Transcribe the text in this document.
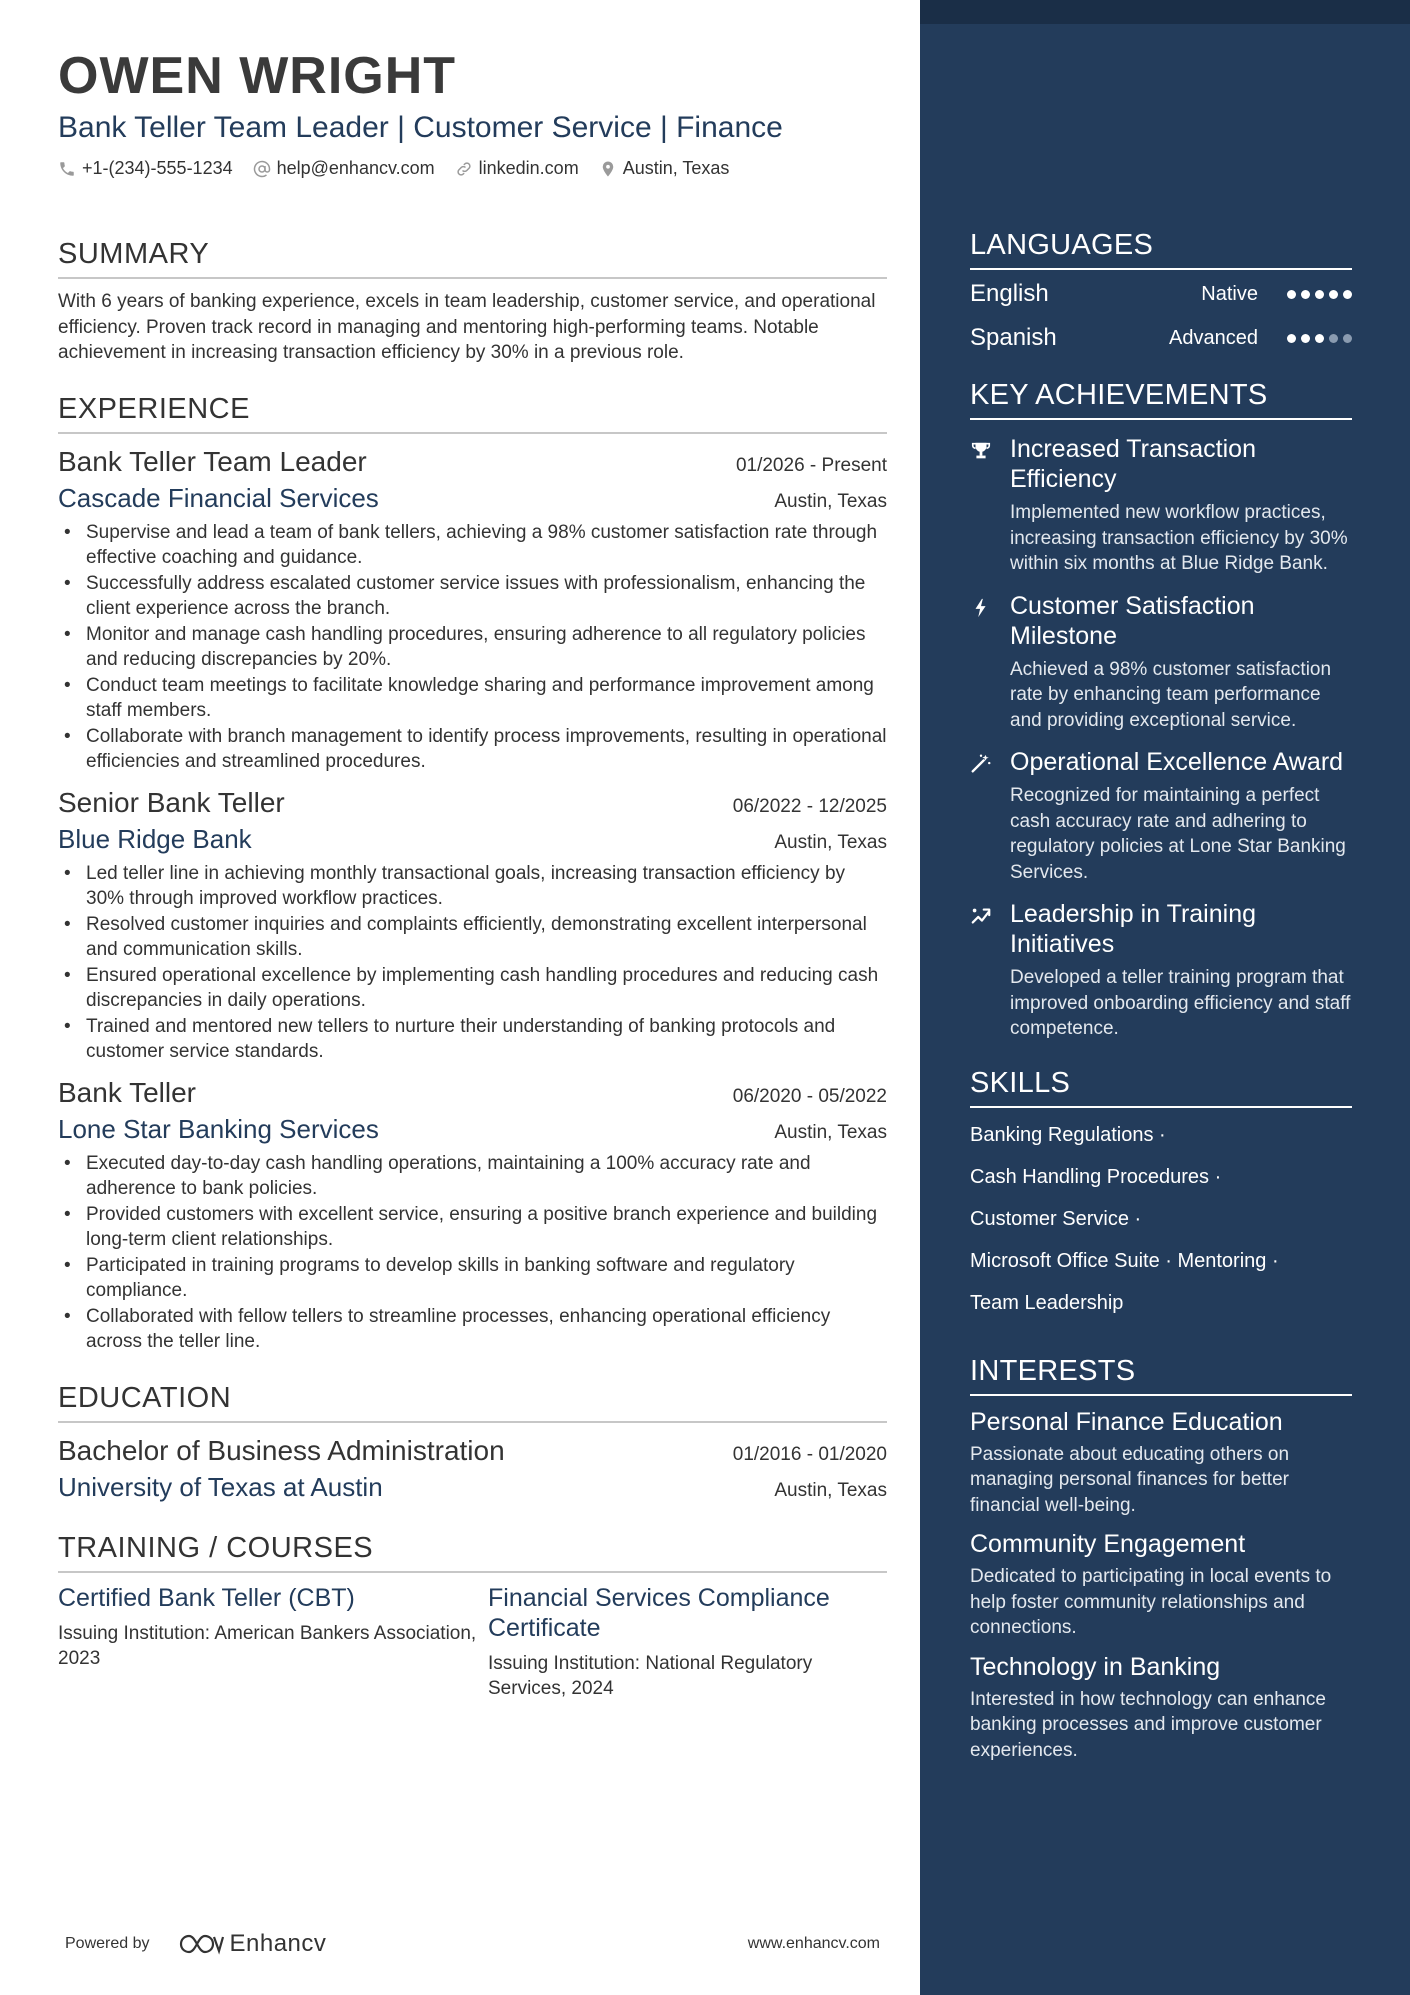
OWEN WRIGHT
Bank Teller Team Leader | Customer Service | Finance
+1-(234)-555-1234 help@enhancv.com linkedin.com Austin, Texas
SUMMARY
With 6 years of banking experience, excels in team leadership, customer service, and operational efficiency. Proven track record in managing and mentoring high-performing teams. Notable achievement in increasing transaction efficiency by 30% in a previous role.
EXPERIENCE
Bank Teller Team Leader	01/2026 - Present
Cascade Financial Services	Austin, Texas
• Supervise and lead a team of bank tellers, achieving a 98% customer satisfaction rate through effective coaching and guidance.
• Successfully address escalated customer service issues with professionalism, enhancing the client experience across the branch.
• Monitor and manage cash handling procedures, ensuring adherence to all regulatory policies and reducing discrepancies by 20%.
• Conduct team meetings to facilitate knowledge sharing and performance improvement among staff members.
• Collaborate with branch management to identify process improvements, resulting in operational efficiencies and streamlined procedures.
Senior Bank Teller	06/2022 - 12/2025
Blue Ridge Bank	Austin, Texas
• Led teller line in achieving monthly transactional goals, increasing transaction efficiency by 30% through improved workflow practices.
• Resolved customer inquiries and complaints efficiently, demonstrating excellent interpersonal and communication skills.
• Ensured operational excellence by implementing cash handling procedures and reducing cash discrepancies in daily operations.
• Trained and mentored new tellers to nurture their understanding of banking protocols and customer service standards.
Bank Teller	06/2020 - 05/2022
Lone Star Banking Services	Austin, Texas
• Executed day-to-day cash handling operations, maintaining a 100% accuracy rate and adherence to bank policies.
• Provided customers with excellent service, ensuring a positive branch experience and building long-term client relationships.
• Participated in training programs to develop skills in banking software and regulatory compliance.
• Collaborated with fellow tellers to streamline processes, enhancing operational efficiency across the teller line.
EDUCATION
Bachelor of Business Administration	01/2016 - 01/2020
University of Texas at Austin	Austin, Texas
TRAINING / COURSES
Certified Bank Teller (CBT)
Issuing Institution: American Bankers Association, 2023
Financial Services Compliance Certificate
Issuing Institution: National Regulatory Services, 2024
Powered by	Enhancv	www.enhancv.com
LANGUAGES
English	Native
Spanish	Advanced
KEY ACHIEVEMENTS
Increased Transaction Efficiency
Implemented new workflow practices, increasing transaction efficiency by 30% within six months at Blue Ridge Bank.
Customer Satisfaction Milestone
Achieved a 98% customer satisfaction rate by enhancing team performance and providing exceptional service.
Operational Excellence Award
Recognized for maintaining a perfect cash accuracy rate and adhering to regulatory policies at Lone Star Banking Services.
Leadership in Training Initiatives
Developed a teller training program that improved onboarding efficiency and staff competence.
SKILLS
Banking Regulations ·
Cash Handling Procedures ·
Customer Service ·
Microsoft Office Suite · Mentoring ·
Team Leadership
INTERESTS
Personal Finance Education
Passionate about educating others on managing personal finances for better financial well-being.
Community Engagement
Dedicated to participating in local events to help foster community relationships and connections.
Technology in Banking
Interested in how technology can enhance banking processes and improve customer experiences.
